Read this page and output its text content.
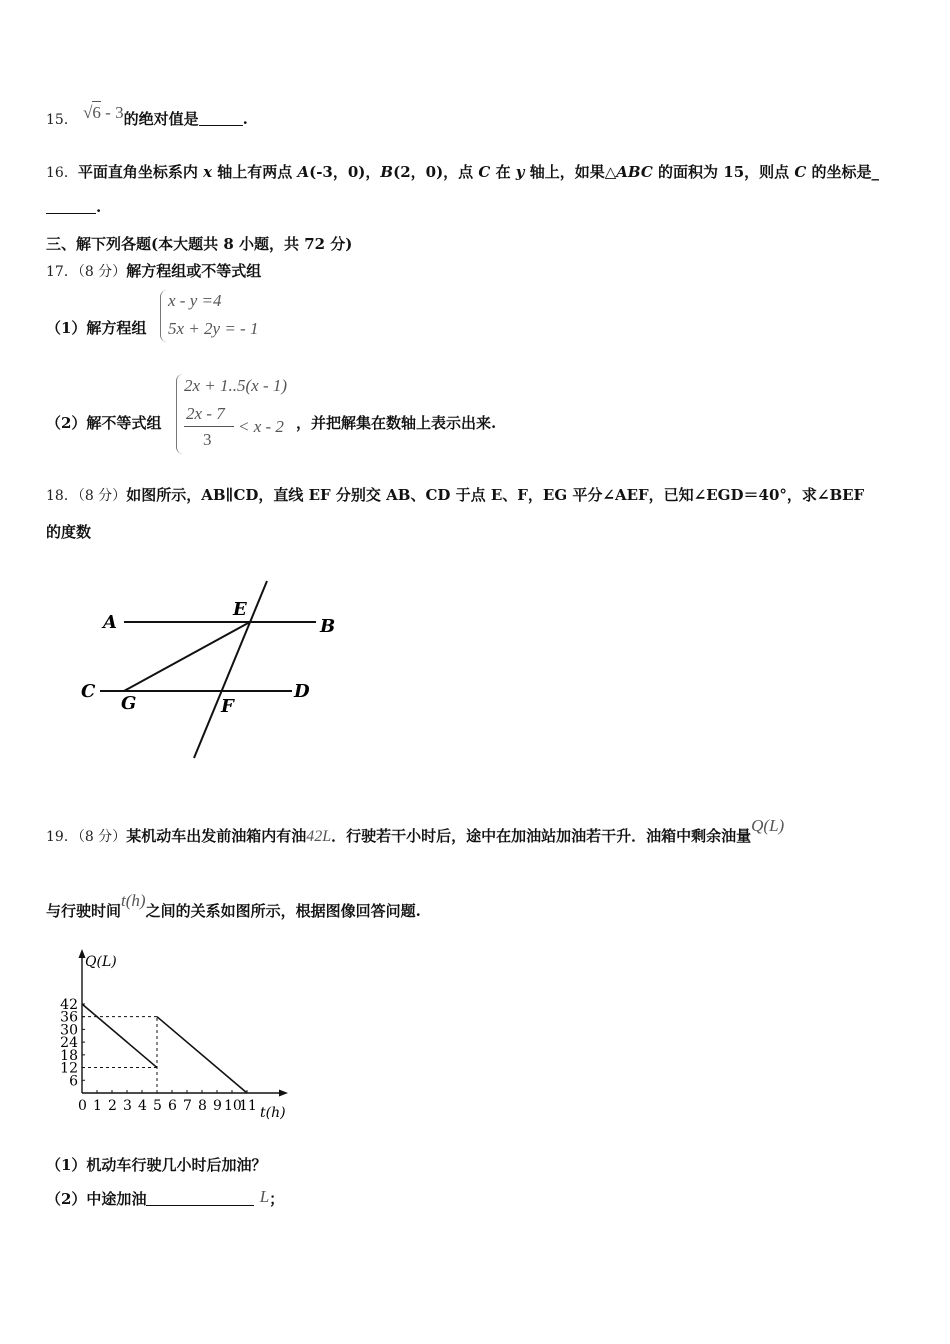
15． √6 - 3的绝对值是	.
16．平面直角坐标系内 x 轴上有两点 A(-3，0)，B(2，0)，点 C 在 y 轴上，如果△ABC 的面积为 15，则点 C 的坐标是_
.
三、解下列各题(本大题共 8 小题，共 72 分)
17．（8 分）解方程组或不等式组
（1）解方程组
x - y =4
5x + 2y = - 1
（2）解不等式组
2x + 1..5(x - 1)
2x - 7
3
< x - 2 ，并把解集在数轴上表示出来.
18．（8 分）如图所示，AB∥CD，直线 EF 分别交 AB、CD 于点 E、F，EG 平分∠AEF，已知∠EGD＝40°，求∠BEF
的度数
A	B
C	D
E
F
G
19．（8 分）某机动车出发前油箱内有油42L．行驶若干小时后，途中在加油站加油若干升．油箱中剩余油量Q(L)
与行驶时间t(h)之间的关系如图所示，根据图像回答问题.
Q(L)
t(h)
0 1 2 3 4 5 6 7 8 9 10
11
6
12
18
24
30
36
42
（1）机动车行驶几小时后加油？
（2）中途加油	L；
